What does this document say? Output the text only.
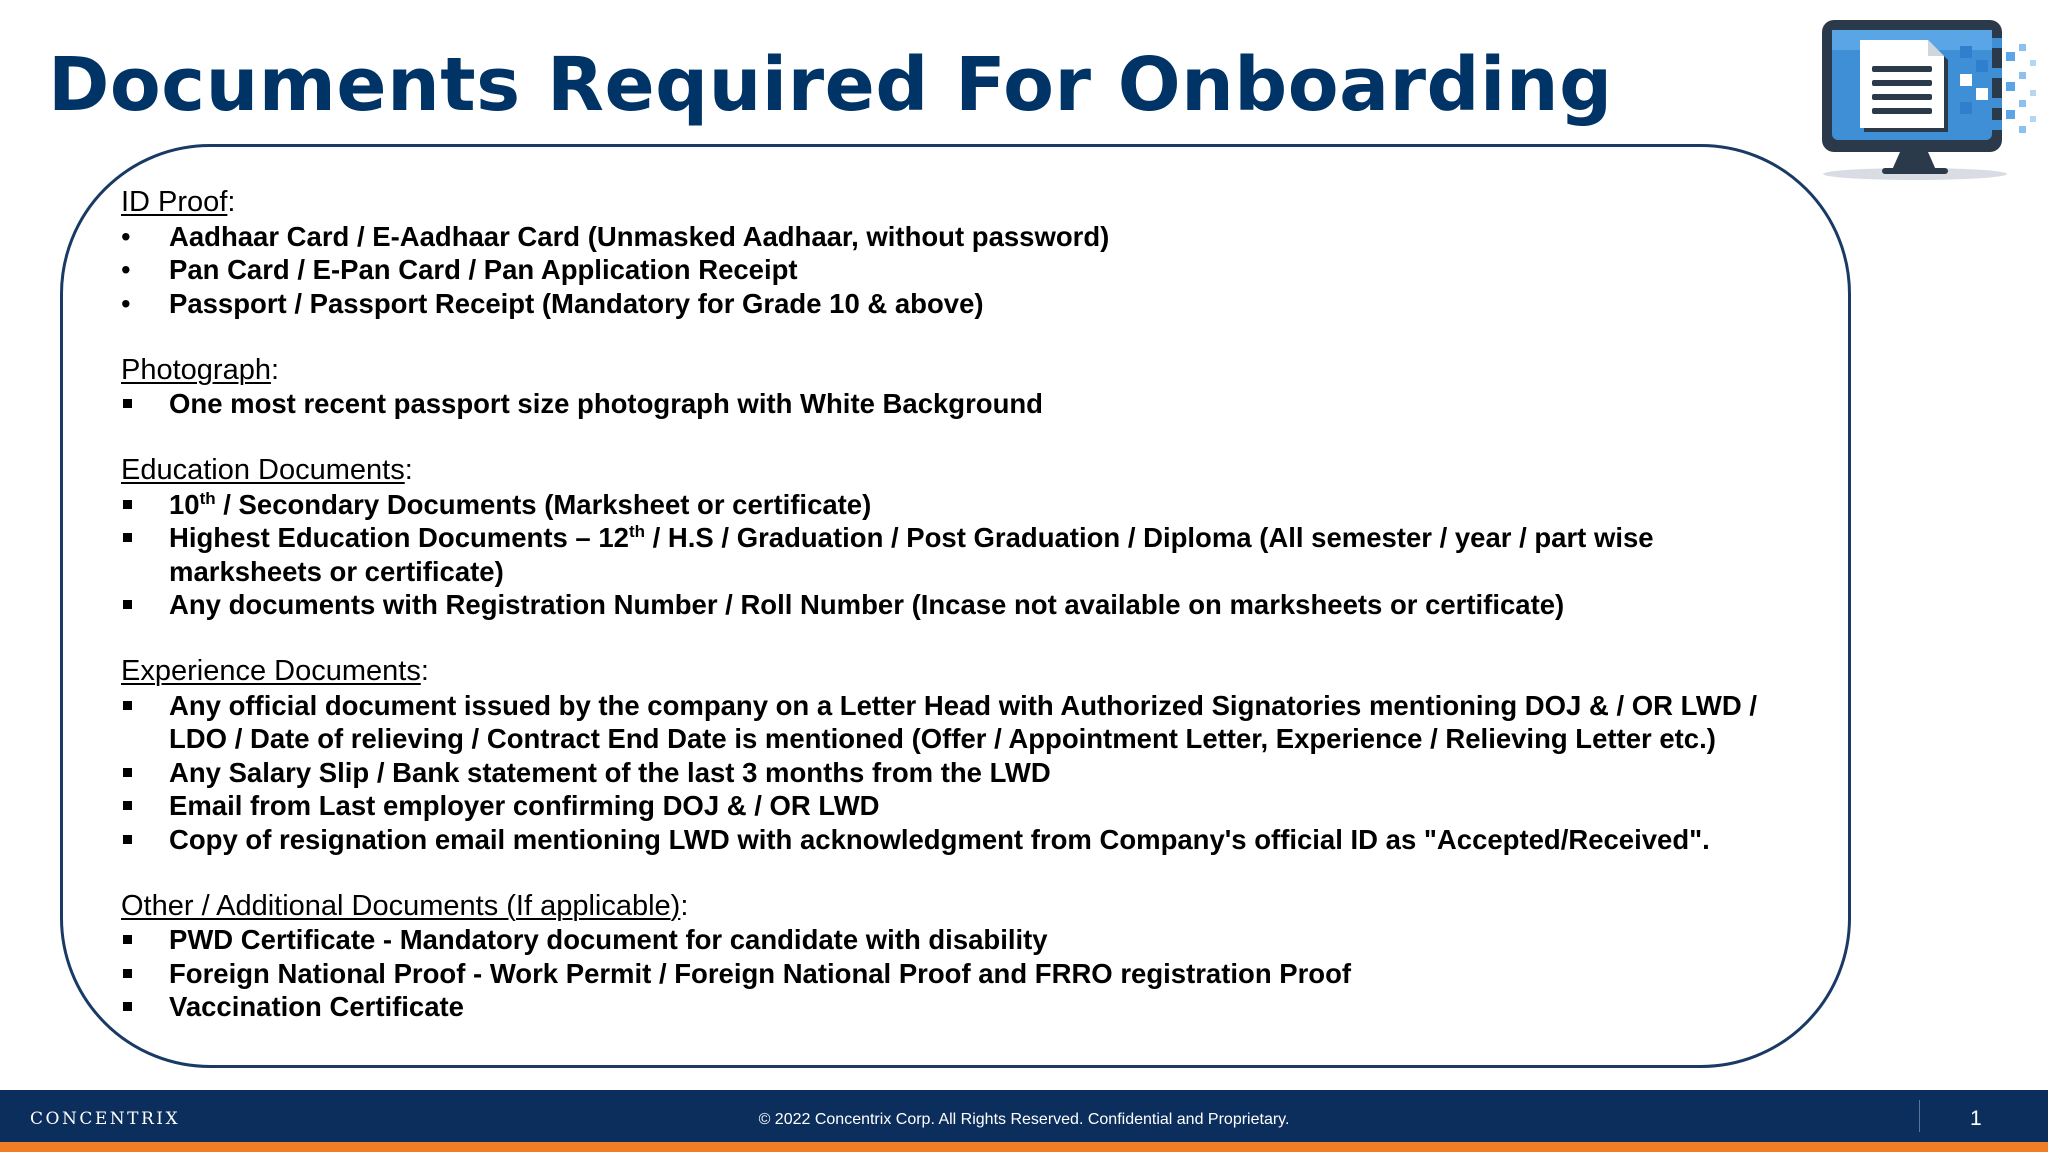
Documents Required For Onboarding
ID Proof:
•
Aadhaar Card / E-Aadhaar Card (Unmasked Aadhaar, without password)
•
Pan Card / E-Pan Card / Pan Application Receipt
•
Passport / Passport Receipt (Mandatory for Grade 10 & above)
Photograph:
One most recent passport size photograph with White Background
Education Documents:
10th / Secondary Documents (Marksheet or certificate)
Highest Education Documents – 12th / H.S / Graduation / Post Graduation / Diploma (All semester / year / part wise marksheets or certificate)
Any documents with Registration Number / Roll Number (Incase not available on marksheets or certificate)
Experience Documents:
Any official document issued by the company on a Letter Head with Authorized Signatories mentioning DOJ & / OR LWD / LDO / Date of relieving / Contract End Date is mentioned (Offer / Appointment Letter, Experience / Relieving Letter etc.)
Any Salary Slip / Bank statement of the last 3 months from the LWD
Email from Last employer confirming DOJ & / OR LWD
Copy of resignation email mentioning LWD with acknowledgment from Company's official ID as "Accepted/Received".
Other / Additional Documents (If applicable):
PWD Certificate - Mandatory document for candidate with disability
Foreign National Proof - Work Permit / Foreign National Proof and FRRO registration Proof
Vaccination Certificate
CONCENTRIX	© 2022 Concentrix Corp. All Rights Reserved. Confidential and Proprietary.	1
